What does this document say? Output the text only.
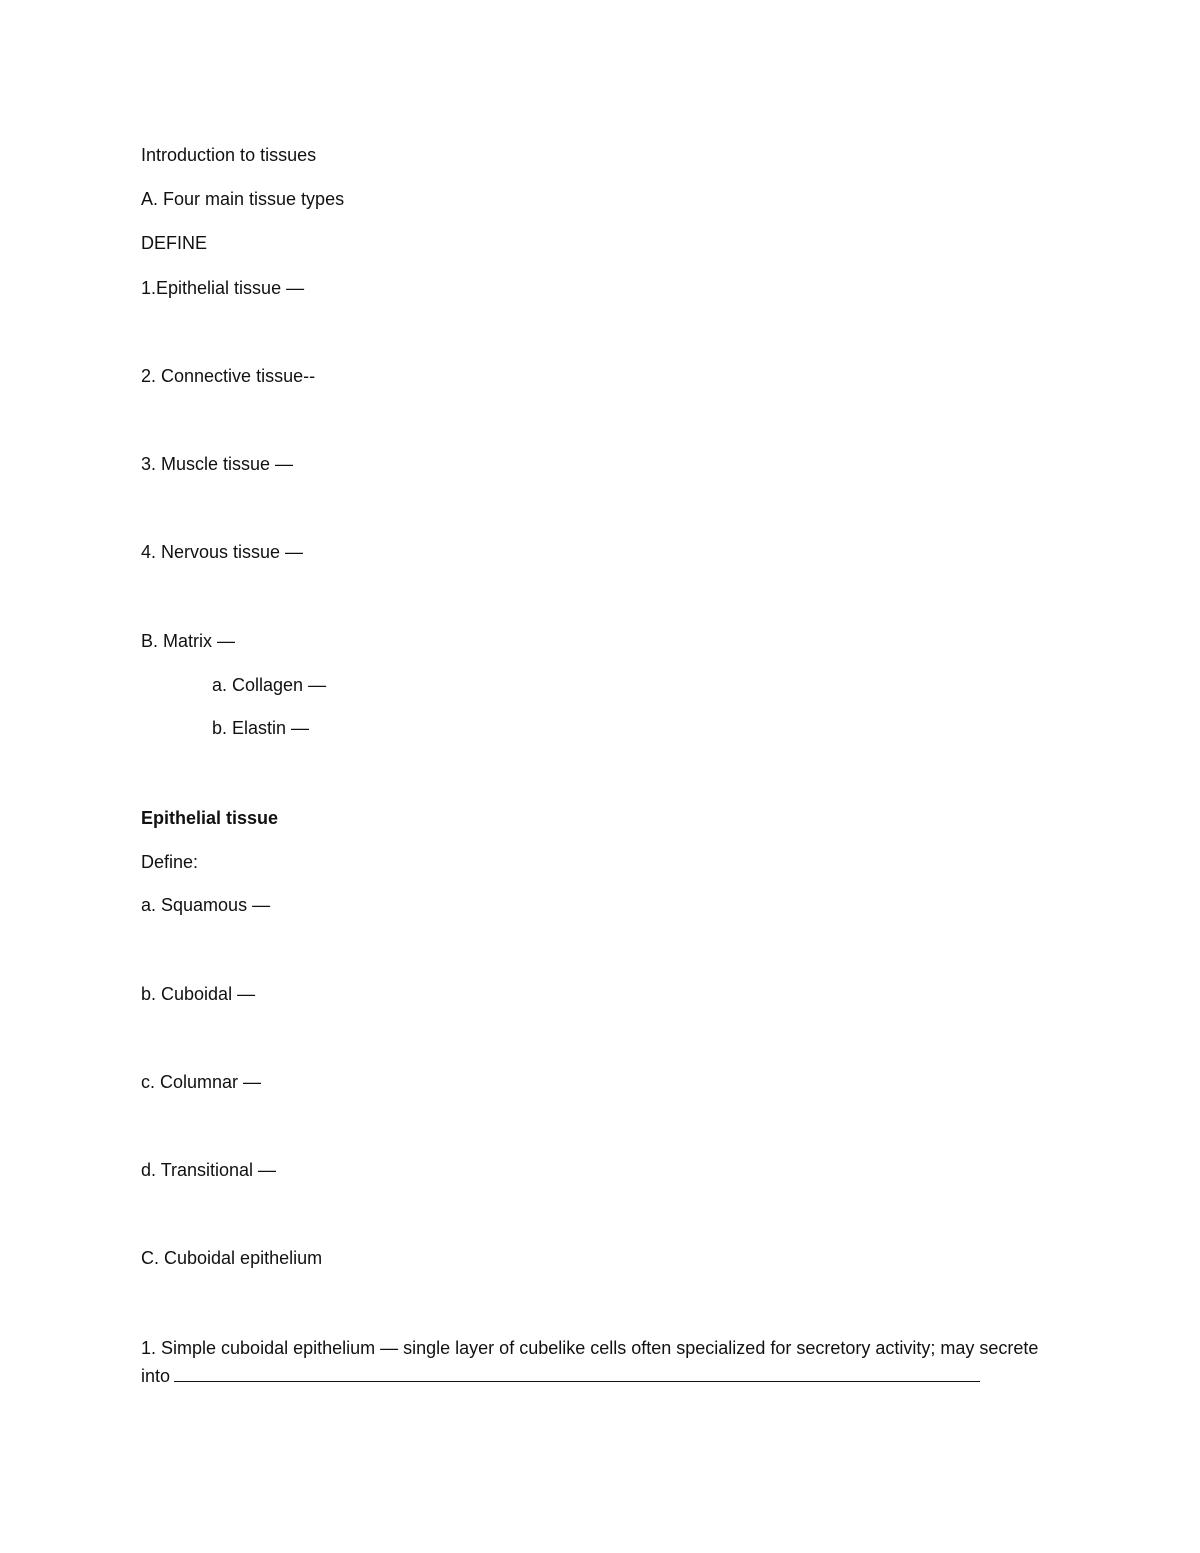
Introduction to tissues
A. Four main tissue types
DEFINE
1.Epithelial tissue —
2. Connective tissue--
3. Muscle tissue —
4. Nervous tissue —
B. Matrix —
a. Collagen —
b. Elastin —
Epithelial tissue
Define:
a. Squamous —
b. Cuboidal —
c. Columnar —
d. Transitional —
C. Cuboidal epithelium
1. Simple cuboidal epithelium — single layer of cubelike cells often specialized for secretory activity; may secrete into
